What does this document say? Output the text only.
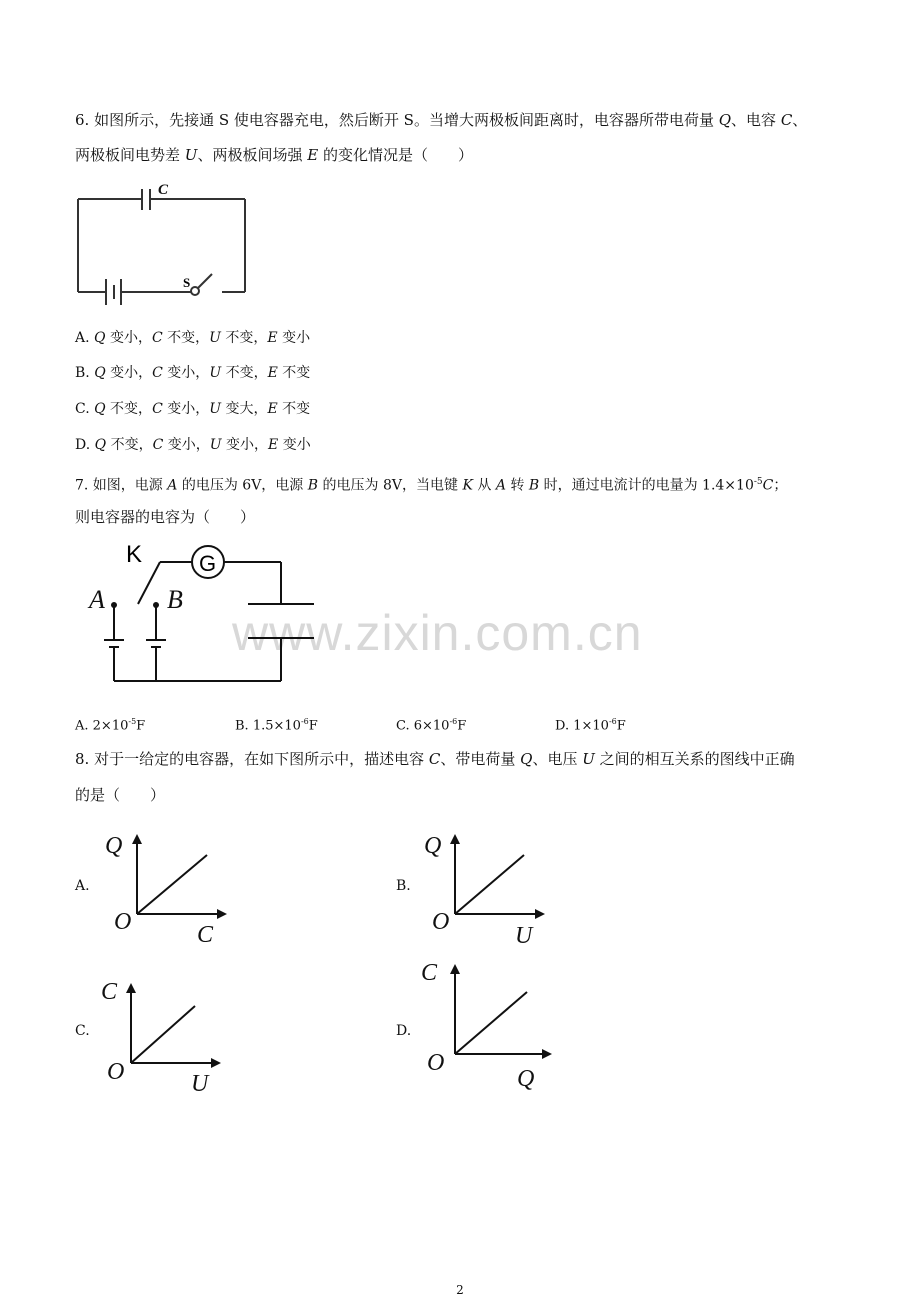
www.zixin.com.cn
6. 如图所示，先接通 S 使电容器充电，然后断开 S。当增大两极板间距离时，电容器所带电荷量 Q、电容 C、
两极板间电势差 U、两极板间场强 E 的变化情况是（　　）
C
S
A. Q 变小，C 不变，U 不变，E 变小
B. Q 变小，C 变小，U 不变，E 不变
C. Q 不变，C 变小，U 变大，E 不变
D. Q 不变，C 变小，U 变小，E 变小
7. 如图，电源 A 的电压为 6V，电源 B 的电压为 8V，当电键 K 从 A 转 B 时，通过电流计的电量为 $1.4\times 10^{-5}C$；
则电容器的电容为（　　）
K	G
A B
A. $2\times 10^{-5}F$	B. $1.5\times 10^{-6}F$	C. $6\times 10^{-6}F$	D. $1\times 10^{-6}F$
8. 对于一给定的电容器，在如下图所示中，描述电容 C、带电荷量 Q、电压 U 之间的相互关系的图线中正确
的是（　　）
A.
Q
O	C
B.
Q
O
U
C.
C
O	U
D.
C
O
Q
2
